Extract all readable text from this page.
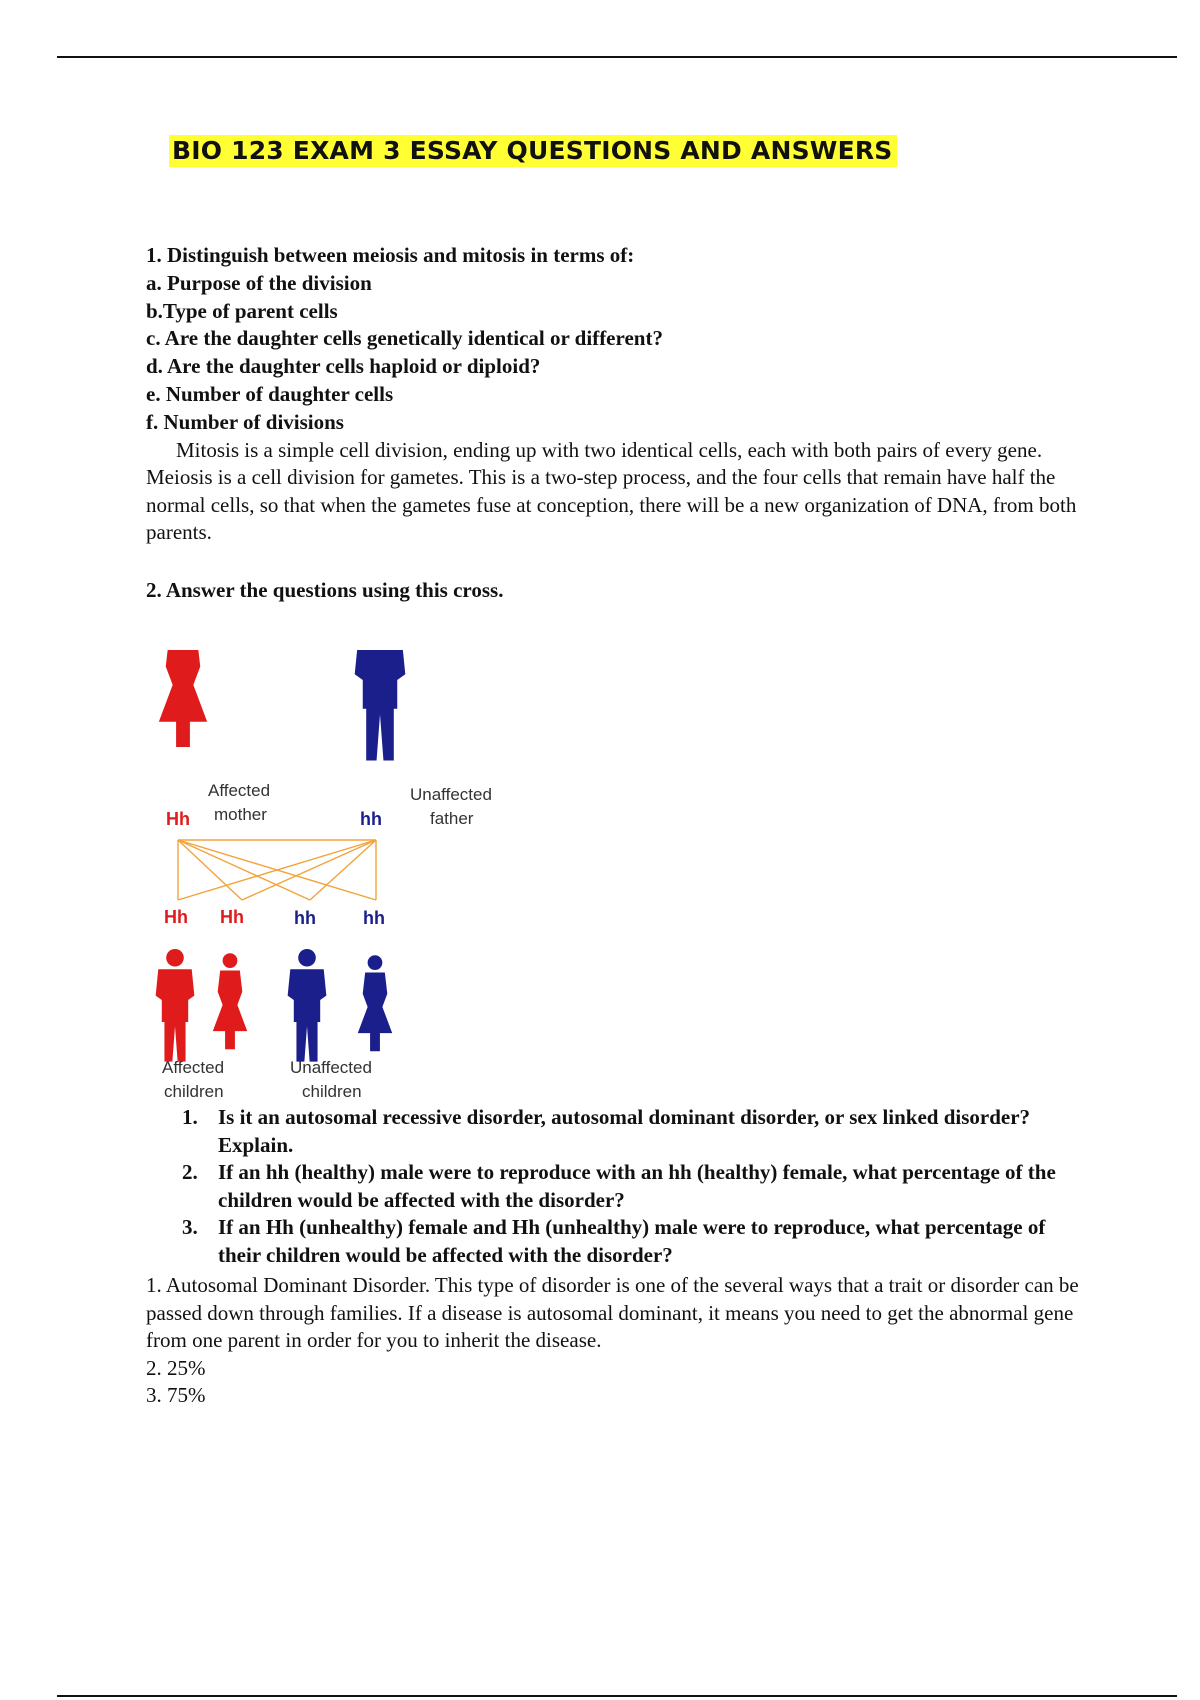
BIO 123 EXAM 3 ESSAY QUESTIONS AND ANSWERS
1. Distinguish between meiosis and mitosis in terms of:
a. Purpose of the division
b.Type of parent cells
c. Are the daughter cells genetically identical or different?
d. Are the daughter cells haploid or diploid?
e. Number of daughter cells
f. Number of divisions

Mitosis is a simple cell division, ending up with two identical cells, each with both pairs of every gene. Meiosis is a cell division for gametes. This is a two-step process, and the four cells that remain have half the normal cells, so that when the gametes fuse at conception, there will be a new organization of DNA, from both parents.

2. Answer the questions using this cross.
Affected
mother
Hh
Unaffected
father
hh
Hh Hh	hh	hh
Affected
children
Unaffected
children
1. Is it an autosomal recessive disorder, autosomal dominant disorder, or sex linked disorder? Explain.
2. If an hh (healthy) male were to reproduce with an hh (healthy) female, what percentage of the children would be affected with the disorder?
3. If an Hh (unhealthy) female and Hh (unhealthy) male were to reproduce, what percentage of their children would be affected with the disorder?

1. Autosomal Dominant Disorder. This type of disorder is one of the several ways that a trait or disorder can be passed down through families. If a disease is autosomal dominant, it means you need to get the abnormal gene from one parent in order for you to inherit the disease.

2. 25%

3. 75%
